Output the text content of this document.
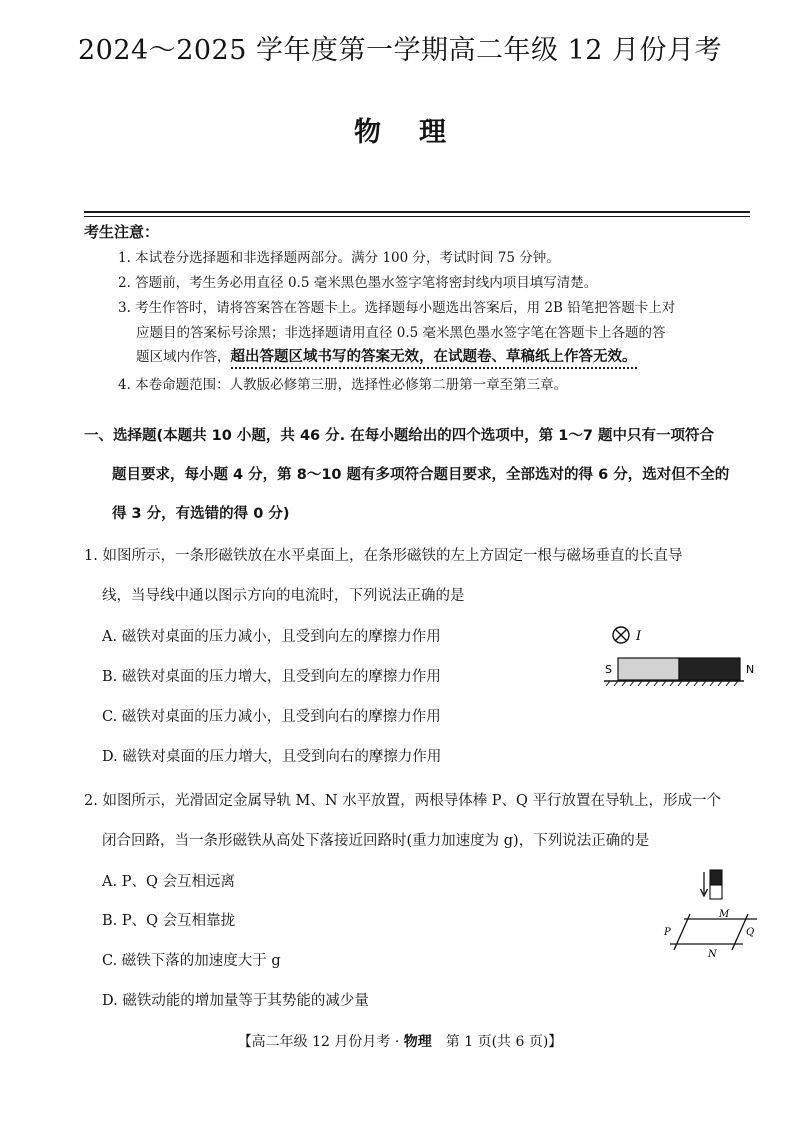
2024～2025 学年度第一学期高二年级 12 月份月考
物理
考生注意：
1. 本试卷分选择题和非选择题两部分。满分 100 分，考试时间 75 分钟。
2. 答题前，考生务必用直径 0.5 毫米黑色墨水签字笔将密封线内项目填写清楚。
3. 考生作答时，请将答案答在答题卡上。选择题每小题选出答案后，用 2B 铅笔把答题卡上对
应题目的答案标号涂黑；非选择题请用直径 0.5 毫米黑色墨水签字笔在答题卡上各题的答
题区域内作答，超出答题区域书写的答案无效，在试题卷、草稿纸上作答无效。
4. 本卷命题范围：人教版必修第三册，选择性必修第二册第一章至第三章。
一、选择题(本题共 10 小题，共 46 分. 在每小题给出的四个选项中，第 1～7 题中只有一项符合
题目要求，每小题 4 分，第 8～10 题有多项符合题目要求，全部选对的得 6 分，选对但不全的
得 3 分，有选错的得 0 分)
1. 如图所示，一条形磁铁放在水平桌面上，在条形磁铁的左上方固定一根与磁场垂直的长直导
线，当导线中通以图示方向的电流时，下列说法正确的是
A. 磁铁对桌面的压力减小，且受到向左的摩擦力作用
B. 磁铁对桌面的压力增大，且受到向左的摩擦力作用
C. 磁铁对桌面的压力减小，且受到向右的摩擦力作用
D. 磁铁对桌面的压力增大，且受到向右的摩擦力作用
I
S	N
2. 如图所示，光滑固定金属导轨 M、N 水平放置，两根导体棒 P、Q 平行放置在导轨上，形成一个
闭合回路，当一条形磁铁从高处下落接近回路时(重力加速度为 g)，下列说法正确的是
A. P、Q 会互相远离
B. P、Q 会互相靠拢
C. 磁铁下落的加速度大于 g
D. 磁铁动能的增加量等于其势能的减少量
M
P	Q
N
【高二年级 12 月份月考 · 物理　第 1 页(共 6 页)】
